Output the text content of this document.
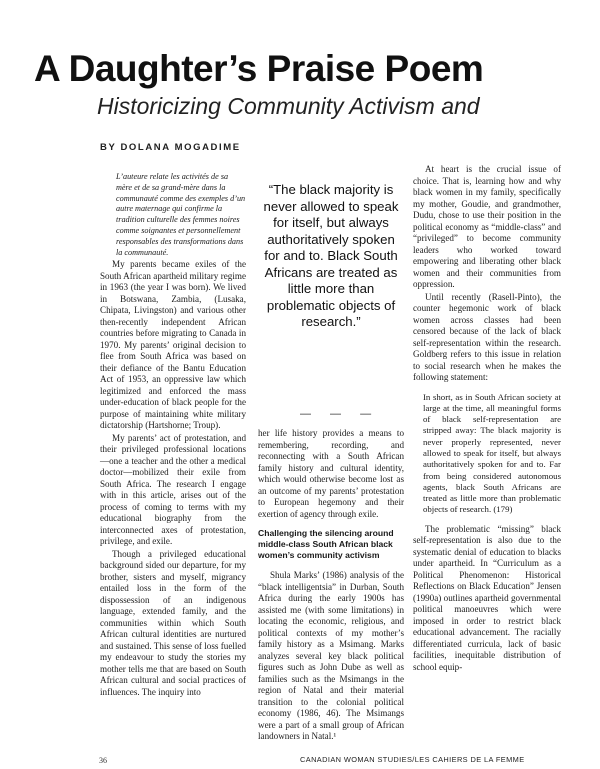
A Daughter’s Praise Poem
Historicizing Community Activism and
BY DOLANA MOGADIME

L’auteure relate les activités de sa mère et de sa grand-mère dans la communauté comme des exemples d’un autre maternage qui confirme la tradition culturelle des femmes noires comme soignantes et personnellement responsables des transformations dans la communauté.

My parents became exiles of the South African apartheid military regime in 1963 (the year I was born). We lived in Botswana, Zambia, (Lusaka, Chipata, Livingston) and various other then-recently independent African countries before migrating to Canada in 1970. My parents’ original decision to flee from South Africa was based on their defiance of the Bantu Education Act of 1953, an oppressive law which legitimized and enforced the mass under-education of black people for the purpose of maintaining white military dictatorship (Hartshorne; Troup).

My parents’ act of protestation, and their privileged professional locations—one a teacher and the other a medical doctor—mobilized their exile from South Africa. The research I engage with in this article, arises out of the process of coming to terms with my educational biography from the interconnected axes of protestation, privilege, and exile.

Though a privileged educational background sided our departure, for my brother, sisters and myself, migrancy entailed loss in the form of the dispossession of an indigenous language, extended family, and the communities within which South African cultural identities are nurtured and sustained. This sense of loss fuelled my endeavour to study the stories my mother tells me that are based on South African cultural and social practices of influences. The inquiry into

“The black majority is never allowed to speak for itself, but always authoritatively spoken for and to. Black South Africans are treated as little more than problematic objects of research.”
— — —

her life history provides a means to remembering, recording, and reconnecting with a South African family history and cultural identity, which would otherwise become lost as an outcome of my parents’ protestation to European hegemony and their exertion of agency through exile.

Challenging the silencing around middle-class South African black women’s community activism

Shula Marks’ (1986) analysis of the “black intelligentsia” in Durban, South Africa during the early 1900s has assisted me (with some limitations) in locating the economic, religious, and political contexts of my mother’s family history as a Msimang. Marks analyzes several key black political figures such as John Dube as well as families such as the Msimangs in the region of Natal and their material transition to the colonial political economy (1986, 46). The Msimangs were a part of a small group of African landowners in Natal.¹

At heart is the crucial issue of choice. That is, learning how and why black women in my family, specifically my mother, Goudie, and grandmother, Dudu, chose to use their position in the political economy as “middle-class” and “privileged” to become community leaders who worked toward empowering and liberating other black women and their communities from oppression.

Until recently (Rasell-Pinto), the counter hegemonic work of black women across classes had been censored because of the lack of black self-representation within the research. Goldberg refers to this issue in relation to social research when he makes the following statement:

In short, as in South African society at large at the time, all meaningful forms of black self-representation are stripped away: The black majority is never properly represented, never allowed to speak for itself, but always authoritatively spoken for and to. Far from being considered autonomous agents, black South Africans are treated as little more than problematic objects of research. (179)

The problematic “missing” black self-representation is also due to the systematic denial of education to blacks under apartheid. In “Curriculum as a Political Phenomenon: Historical Reflections on Black Education” Jensen (1990a) outlines apartheid governmental political manoeuvres which were imposed in order to restrict black educational advancement. The racially differentiated curricula, lack of basic facilities, inequitable distribution of school equip-

36	CANADIAN WOMAN STUDIES/LES CAHIERS DE LA FEMME
